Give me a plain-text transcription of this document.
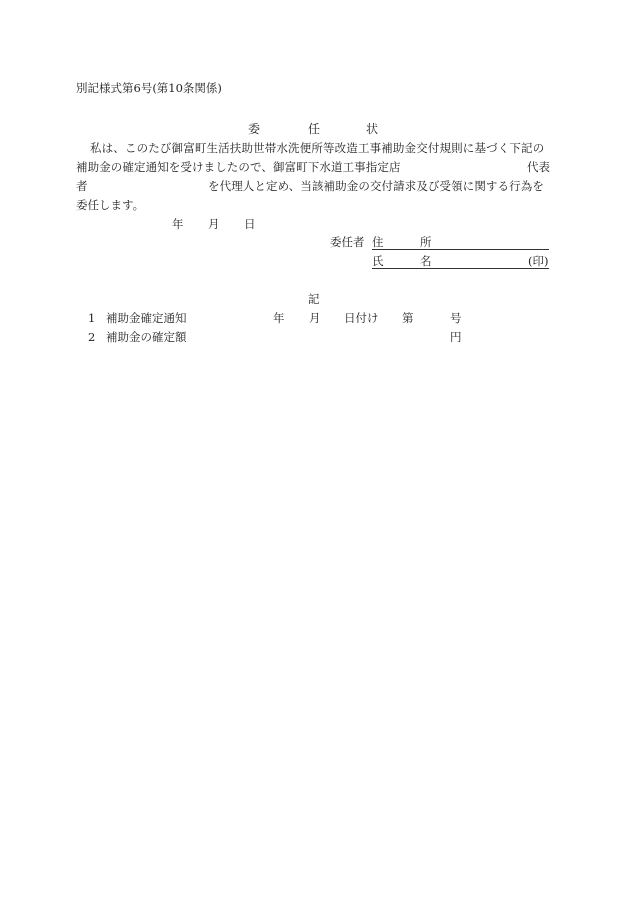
別記様式第6号(第10条関係)
委	任	状
私は、このたび御富町生活扶助世帯水洗便所等改造工事補助金交付規則に基づく下記の
補助金の確定通知を受けましたので、御富町下水道工事指定店	代表
者	を代理人と定め、当該補助金の交付請求及び受領に関する行為を
委任します。
年 月 日
委任者 住	所
氏	名	(印)
記
1 補助金確定通知	年 月 日付け 第	号
2 補助金の確定額	円
